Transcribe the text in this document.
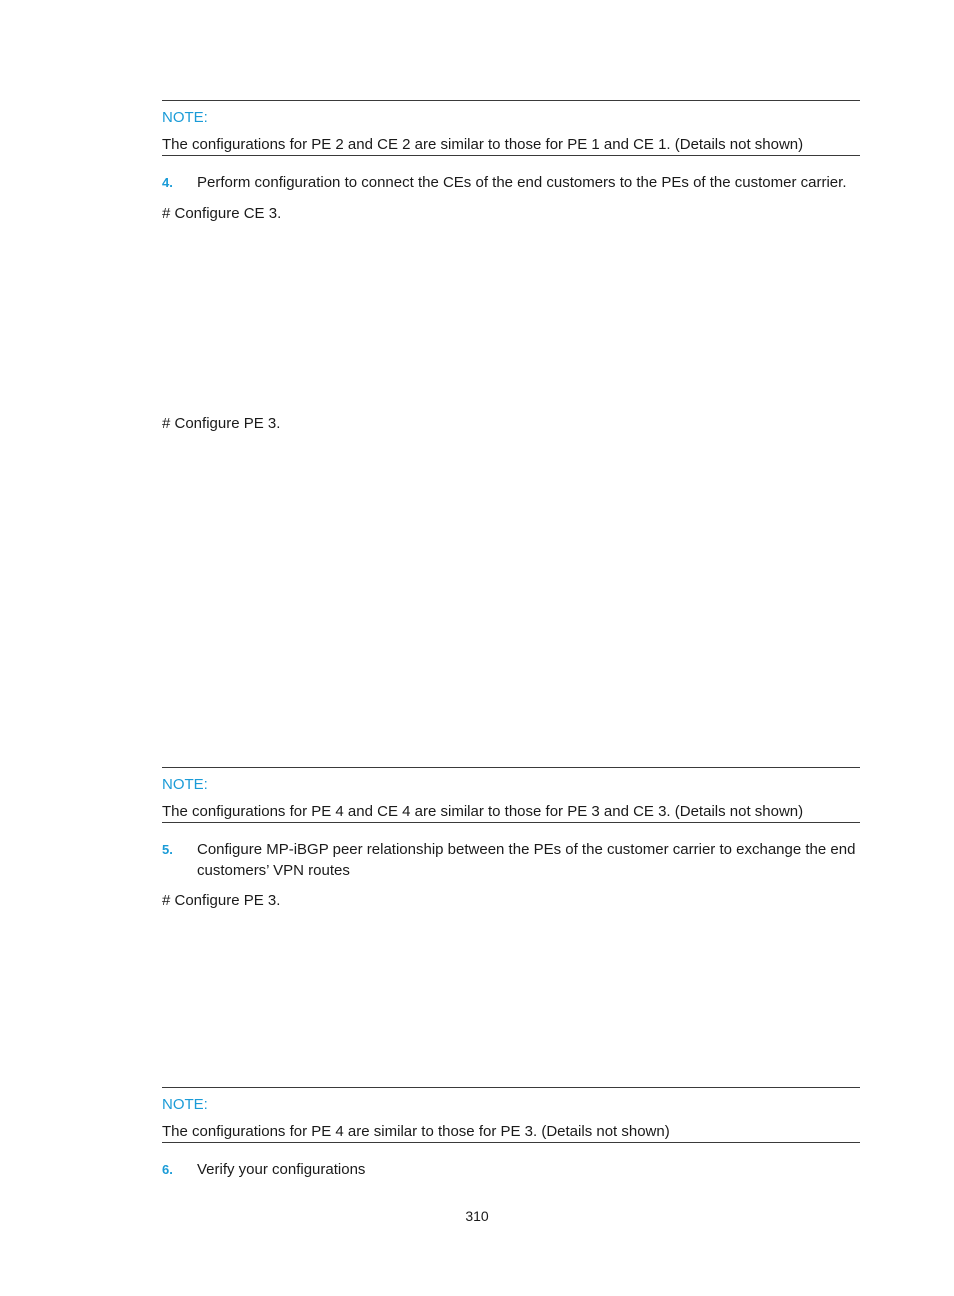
NOTE:
The configurations for PE 2 and CE 2 are similar to those for PE 1 and CE 1. (Details not shown)
4. Perform configuration to connect the CEs of the end customers to the PEs of the customer carrier.
# Configure CE 3.
# Configure PE 3.
NOTE:
The configurations for PE 4 and CE 4 are similar to those for PE 3 and CE 3. (Details not shown)
5. Configure MP-iBGP peer relationship between the PEs of the customer carrier to exchange the end
customers’ VPN routes
# Configure PE 3.
NOTE:
The configurations for PE 4 are similar to those for PE 3. (Details not shown)
6. Verify your configurations
310
